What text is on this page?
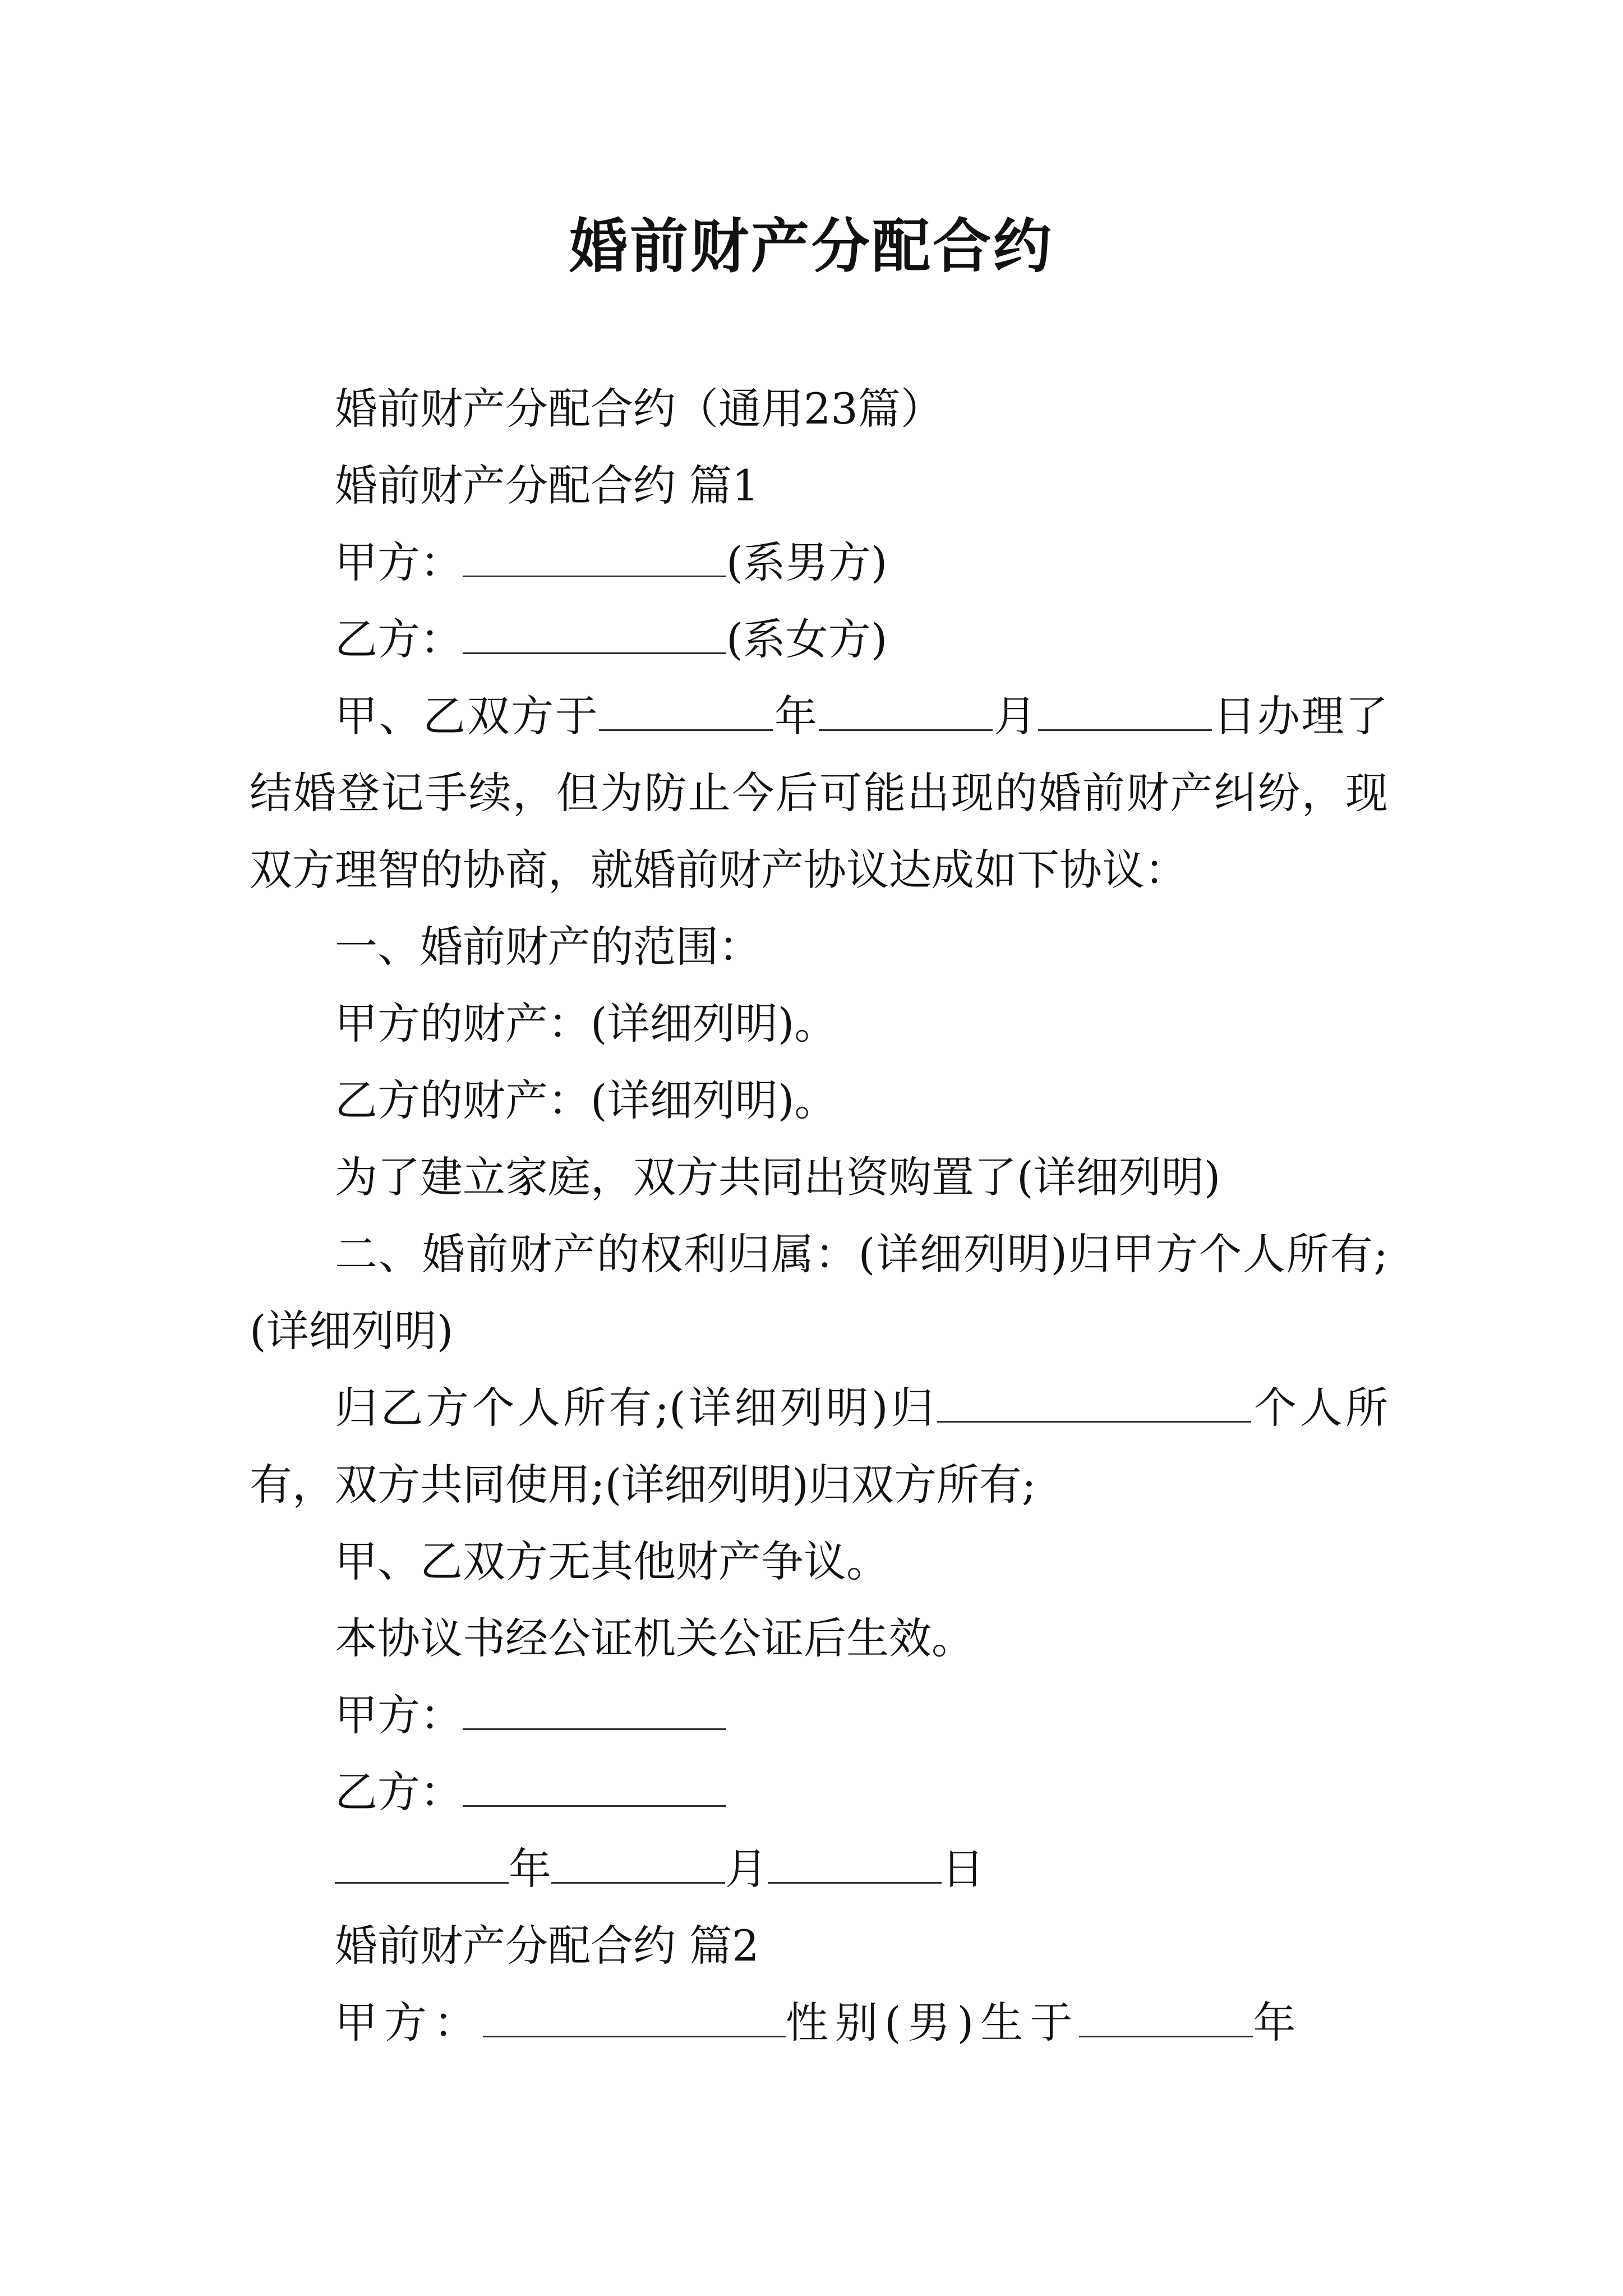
婚前财产分配合约

婚前财产分配合约（通用23篇）

婚前财产分配合约 篇1

甲方：	(系男方)

乙方：	(系女方)

甲、乙双方于	年	月	日办理了结婚登记手续，但为防止今后可能出现的婚前财产纠纷，现双方理智的协商，就婚前财产协议达成如下协议：

一、婚前财产的范围：

甲方的财产：(详细列明)。

乙方的财产：(详细列明)。

为了建立家庭，双方共同出资购置了(详细列明)

二、婚前财产的权利归属：(详细列明)归甲方个人所有;(详细列明)

归乙方个人所有;(详细列明)归	个人所有，双方共同使用;(详细列明)归双方所有;

甲、乙双方无其他财产争议。

本协议书经公证机关公证后生效。

甲方：

乙方：

年	月	日

婚前财产分配合约 篇2

甲方：	性别(男)生于	年
